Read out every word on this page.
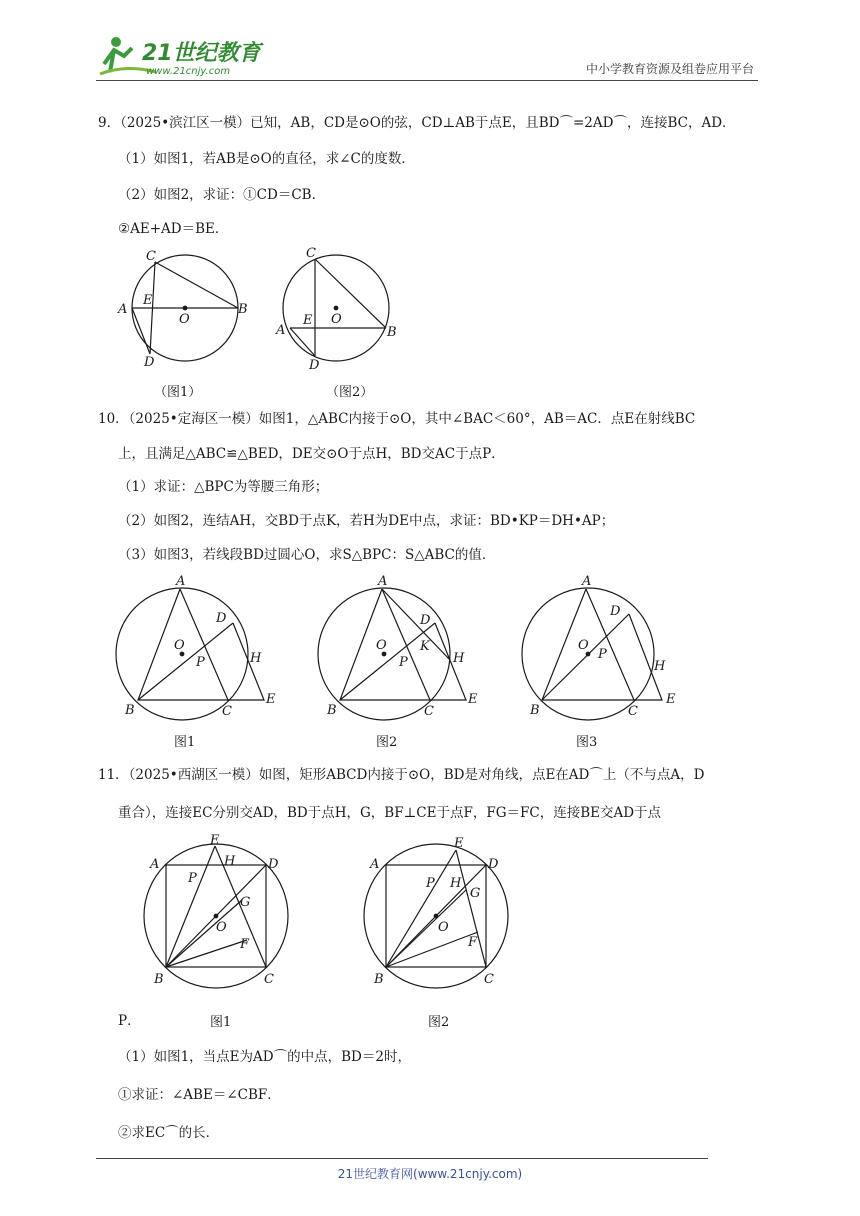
21世纪教育
www.21cnjy.com	中小学教育资源及组卷应用平台
9．（2025•滨江区一模）已知，AB，CD是⊙O的弦，CD⊥AB于点E，且BD⌒=2AD⌒，连接BC，AD．
（1）如图1，若AB是⊙O的直径，求∠C的度数．
（2）如图2，求证：①CD＝CB．
②AE+AD＝BE．
C
A
E
O
B
D
（图1）
C
A
E O
B
D
（图2）
10．（2025•定海区一模）如图1，△ABC内接于⊙O，其中∠BAC＜60°，AB＝AC．点E在射线BC
上，且满足△ABC≌△BED，DE交⊙O于点H，BD交AC于点P．
（1）求证：△BPC为等腰三角形；
（2）如图2，连结AH，交BD于点K，若H为DE中点，求证：BD•KP＝DH•AP；
（3）如图3，若线段BD过圆心O，求S△BPC：S△ABC的值．
A
B	C
D
E
H
O
P
图1
A
B	C
D
E
H
K
O
P
图2
A
B	C
D
E
H
O
P
图3
11．（2025•西湖区一模）如图，矩形ABCD内接于⊙O，BD是对角线，点E在AD⌒上（不与点A，D
重合），连接EC分别交AD，BD于点H，G，BF⊥CE于点F，FG＝FC，连接BE交AD于点
A
E
H	D
P
G
O
F
B	C
图1
A
E
H
D
P
G
O
F
B	C
图2
P．
（1）如图1，当点E为AD⌒的中点，BD＝2时，
①求证：∠ABE＝∠CBF．
②求EC⌒的长．
21世纪教育网(www.21cnjy.com)
